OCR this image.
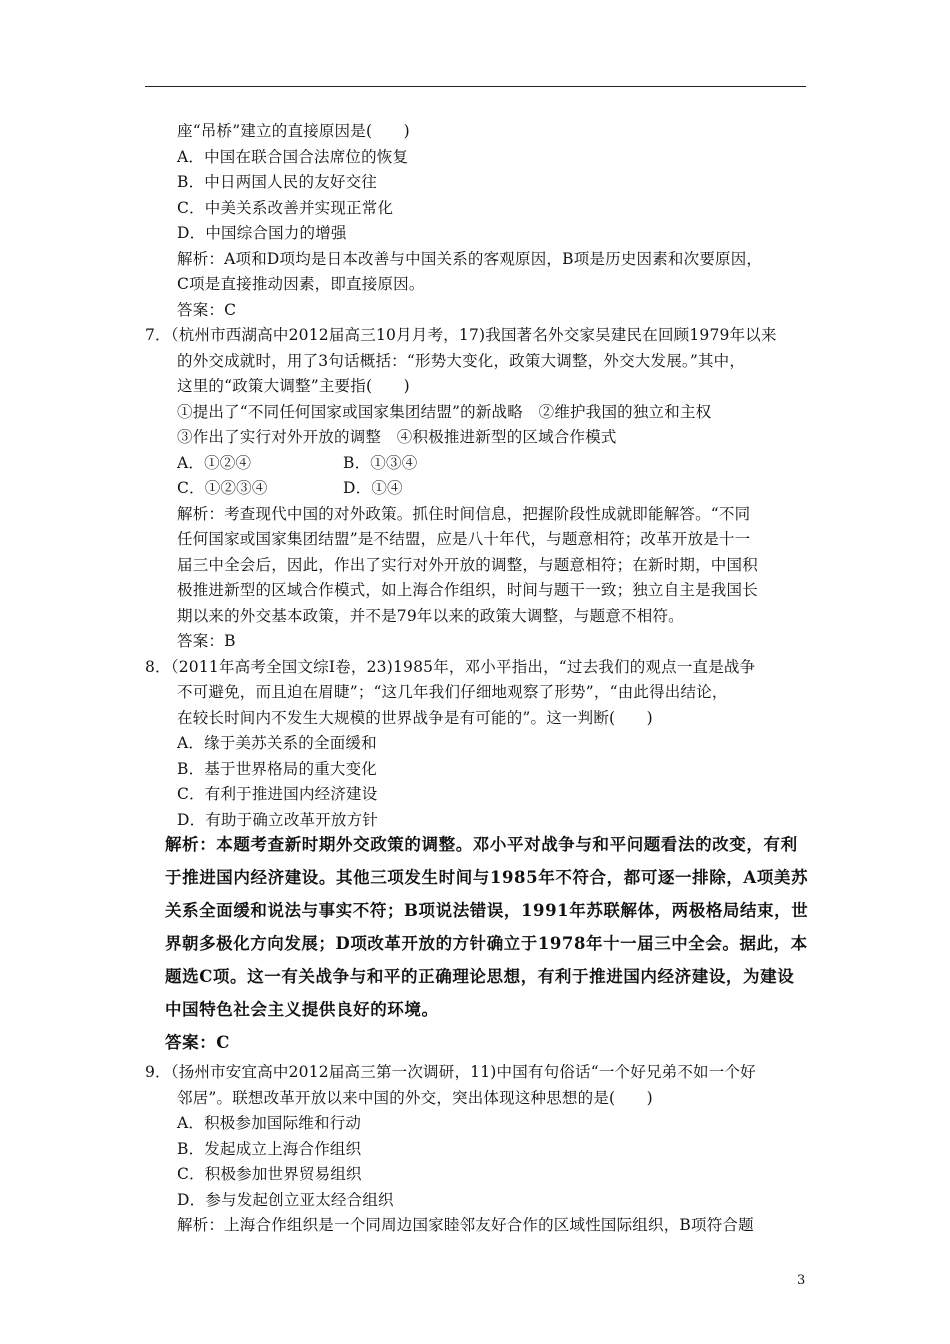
座“吊桥”建立的直接原因是(　　)
A．中国在联合国合法席位的恢复
B．中日两国人民的友好交往
C．中美关系改善并实现正常化
D．中国综合国力的增强
解析：A项和D项均是日本改善与中国关系的客观原因，B项是历史因素和次要原因，
C项是直接推动因素，即直接原因。
答案：C
7．（杭州市西湖高中2012届高三10月月考，17)我国著名外交家吴建民在回顾1979年以来
的外交成就时，用了3句话概括：“形势大变化，政策大调整，外交大发展。”其中，
这里的“政策大调整”主要指(　　)
①提出了“不同任何国家或国家集团结盟”的新战略　②维护我国的独立和主权
③作出了实行对外开放的调整　④积极推进新型的区域合作模式
A．①②④	B．①③④
C．①②③④	D．①④
解析：考查现代中国的对外政策。抓住时间信息，把握阶段性成就即能解答。“不同
任何国家或国家集团结盟”是不结盟，应是八十年代，与题意相符；改革开放是十一
届三中全会后，因此，作出了实行对外开放的调整，与题意相符；在新时期，中国积
极推进新型的区域合作模式，如上海合作组织，时间与题干一致；独立自主是我国长
期以来的外交基本政策，并不是79年以来的政策大调整，与题意不相符。
答案：B
8．（2011年高考全国文综Ⅰ卷，23)1985年，邓小平指出，“过去我们的观点一直是战争
不可避免，而且迫在眉睫”；“这几年我们仔细地观察了形势”，“由此得出结论，
在较长时间内不发生大规模的世界战争是有可能的”。这一判断(　　)
A．缘于美苏关系的全面缓和
B．基于世界格局的重大变化
C．有利于推进国内经济建设
D．有助于确立改革开放方针
解析：本题考查新时期外交政策的调整。邓小平对战争与和平问题看法的改变，有利
于推进国内经济建设。其他三项发生时间与1985年不符合，都可逐一排除，A项美苏
关系全面缓和说法与事实不符；B项说法错误，1991年苏联解体，两极格局结束，世
界朝多极化方向发展；D项改革开放的方针确立于1978年十一届三中全会。据此，本
题选C项。这一有关战争与和平的正确理论思想，有利于推进国内经济建设，为建设
中国特色社会主义提供良好的环境。
答案：C
9．（扬州市安宜高中2012届高三第一次调研，11)中国有句俗话“一个好兄弟不如一个好
邻居”。联想改革开放以来中国的外交，突出体现这种思想的是(　　)
A．积极参加国际维和行动
B．发起成立上海合作组织
C．积极参加世界贸易组织
D．参与发起创立亚太经合组织
解析：上海合作组织是一个同周边国家睦邻友好合作的区域性国际组织，B项符合题
3
